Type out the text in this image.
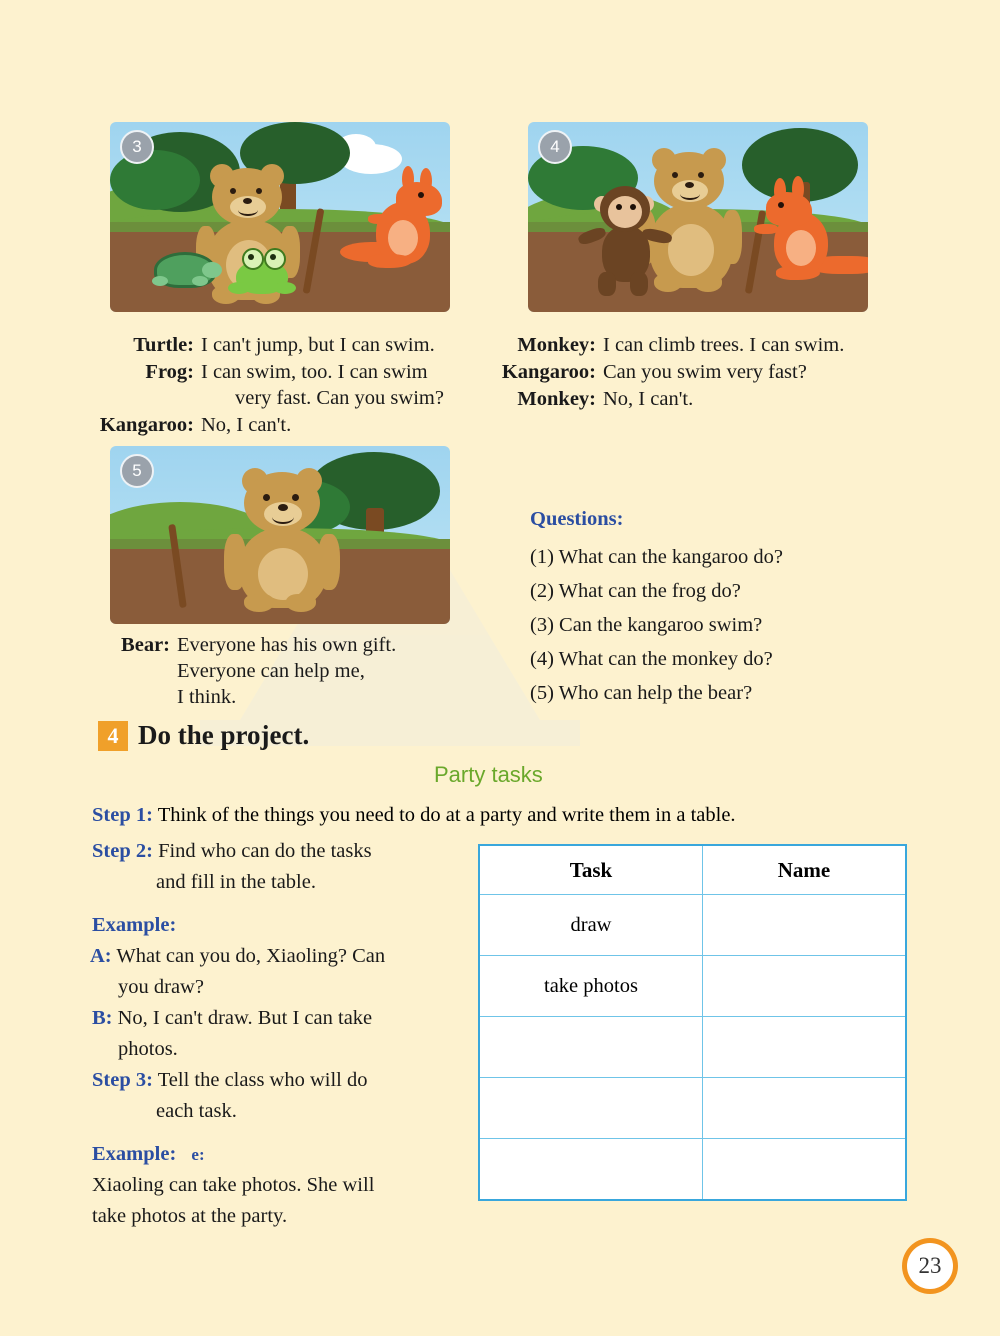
3	4
Turtle: I can't jump, but I can swim.
Frog: I can swim, too. I can swim
very fast. Can you swim?
Kangaroo: No, I can't.
Monkey: I can climb trees. I can swim.
Kangaroo: Can you swim very fast?
Monkey: No, I can't.
5
Bear: Everyone has his own gift.
Everyone can help me,
I think.
Questions:
(1) What can the kangaroo do?
(2) What can the frog do?
(3) Can the kangaroo swim?
(4) What can the monkey do?
(5) Who can help the bear?
4 Do the project.
Party tasks
Step 1: Think of the things you need to do at a party and write them in a table.
Step 2: Find who can do the tasks
and fill in the table.
Example:
A: What can you do, Xiaoling? Can
you draw?
B: No, I can't draw. But I can take
photos.
Step 3: Tell the class who will do
each task.
Example: e:
Xiaoling can take photos. She will
take photos at the party.
Task	Name
draw	
take photos	

23
